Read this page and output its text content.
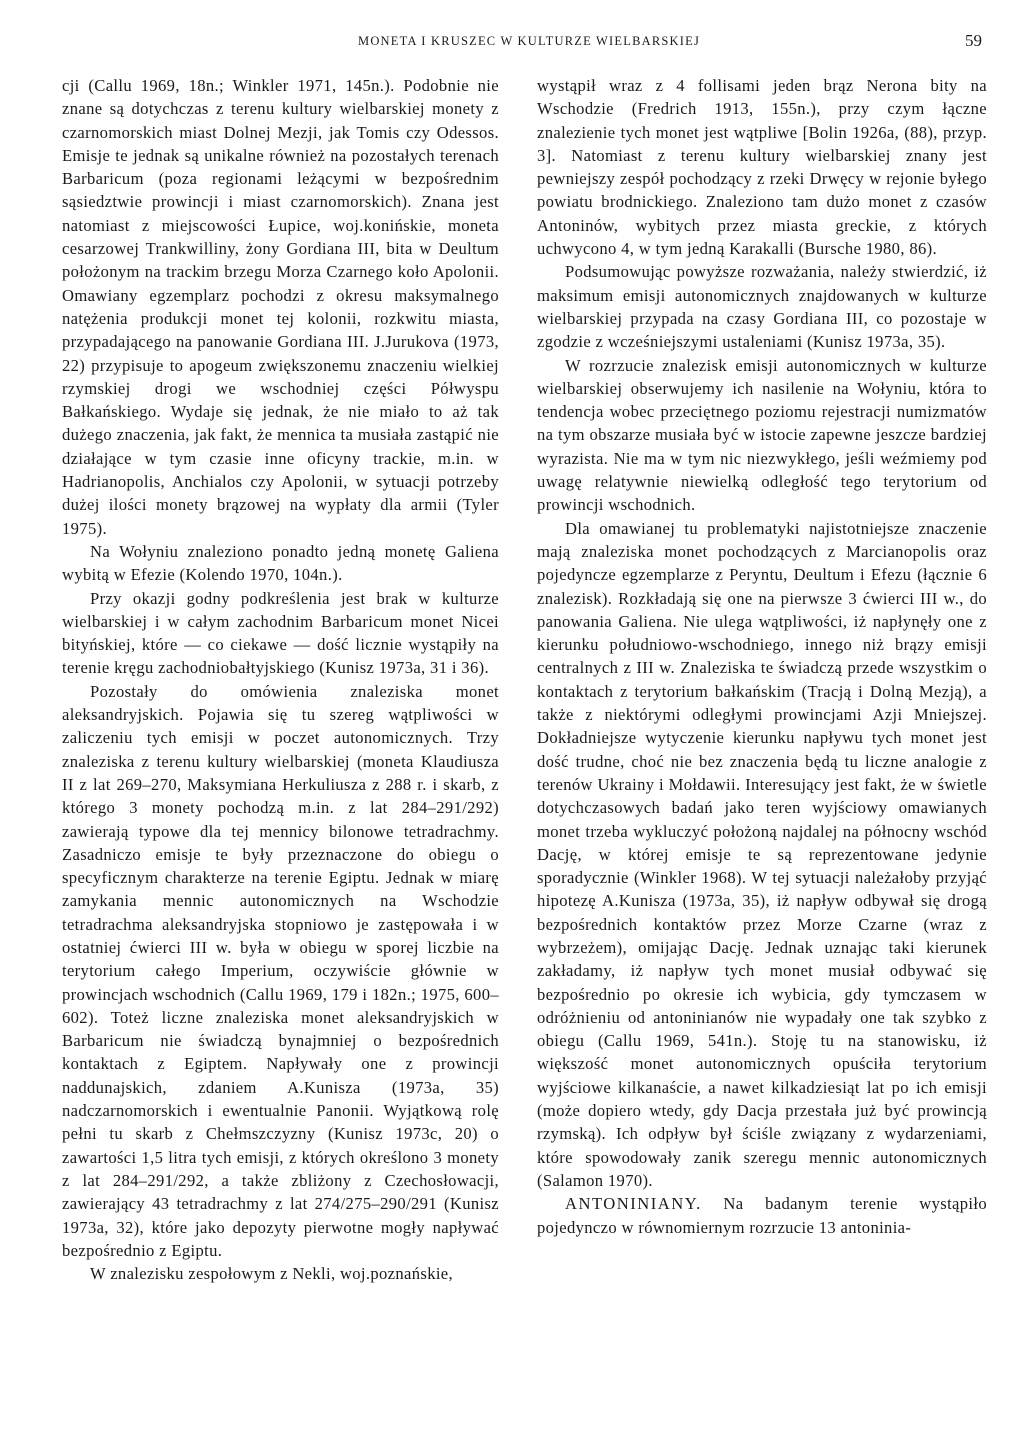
MONETA I KRUSZEC W KULTURZE WIELBARSKIEJ	59

cji (Callu 1969, 18n.; Winkler 1971, 145n.). Podobnie nie znane są dotychczas z terenu kultury wielbarskiej monety z czarnomorskich miast Dolnej Mezji, jak Tomis czy Odessos. Emisje te jednak są unikalne również na pozostałych terenach Barbaricum (poza regionami leżącymi w bezpośrednim sąsiedztwie prowincji i miast czarnomorskich). Znana jest natomiast z miejscowości Łupice, woj.konińskie, moneta cesarzowej Trankwilliny, żony Gordiana III, bita w Deultum położonym na trackim brzegu Morza Czarnego koło Apolonii. Omawiany egzemplarz pochodzi z okresu maksymalnego natężenia produkcji monet tej kolonii, rozkwitu miasta, przypadającego na panowanie Gordiana III. J.Jurukova (1973, 22) przypisuje to apogeum zwiększonemu znaczeniu wielkiej rzymskiej drogi we wschodniej części Półwyspu Bałkańskiego. Wydaje się jednak, że nie miało to aż tak dużego znaczenia, jak fakt, że mennica ta musiała zastąpić nie działające w tym czasie inne oficyny trackie, m.in. w Hadrianopolis, Anchialos czy Apolonii, w sytuacji potrzeby dużej ilości monety brązowej na wypłaty dla armii (Tyler 1975).

Na Wołyniu znaleziono ponadto jedną monetę Galiena wybitą w Efezie (Kolendo 1970, 104n.).

Przy okazji godny podkreślenia jest brak w kulturze wielbarskiej i w całym zachodnim Barbaricum monet Nicei bityńskiej, które — co ciekawe — dość licznie wystąpiły na terenie kręgu zachodniobałtyjskiego (Kunisz 1973a, 31 i 36).

Pozostały do omówienia znaleziska monet aleksandryjskich. Pojawia się tu szereg wątpliwości w zaliczeniu tych emisji w poczet autonomicznych. Trzy znaleziska z terenu kultury wielbarskiej (moneta Klaudiusza II z lat 269–270, Maksymiana Herkuliusza z 288 r. i skarb, z którego 3 monety pochodzą m.in. z lat 284–291/292) zawierają typowe dla tej mennicy bilonowe tetradrachmy. Zasadniczo emisje te były przeznaczone do obiegu o specyficznym charakterze na terenie Egiptu. Jednak w miarę zamykania mennic autonomicznych na Wschodzie tetradrachma aleksandryjska stopniowo je zastępowała i w ostatniej ćwierci III w. była w obiegu w sporej liczbie na terytorium całego Imperium, oczywiście głównie w prowincjach wschodnich (Callu 1969, 179 i 182n.; 1975, 600–602). Toteż liczne znaleziska monet aleksandryjskich w Barbaricum nie świadczą bynajmniej o bezpośrednich kontaktach z Egiptem. Napływały one z prowincji naddunajskich, zdaniem A.Kunisza (1973a, 35) nadczarnomorskich i ewentualnie Panonii. Wyjątkową rolę pełni tu skarb z Chełmszczyzny (Kunisz 1973c, 20) o zawartości 1,5 litra tych emisji, z których określono 3 monety z lat 284–291/292, a także zbliżony z Czechosłowacji, zawierający 43 tetradrachmy z lat 274/275–290/291 (Kunisz 1973a, 32), które jako depozyty pierwotne mogły napływać bezpośrednio z Egiptu.

W znalezisku zespołowym z Nekli, woj.poznańskie,

wystąpił wraz z 4 follisami jeden brąz Nerona bity na Wschodzie (Fredrich 1913, 155n.), przy czym łączne znalezienie tych monet jest wątpliwe [Bolin 1926a, (88), przyp. 3]. Natomiast z terenu kultury wielbarskiej znany jest pewniejszy zespół pochodzący z rzeki Drwęcy w rejonie byłego powiatu brodnickiego. Znaleziono tam dużo monet z czasów Antoninów, wybitych przez miasta greckie, z których uchwycono 4, w tym jedną Karakalli (Bursche 1980, 86).

Podsumowując powyższe rozważania, należy stwierdzić, iż maksimum emisji autonomicznych znajdowanych w kulturze wielbarskiej przypada na czasy Gordiana III, co pozostaje w zgodzie z wcześniejszymi ustaleniami (Kunisz 1973a, 35).

W rozrzucie znalezisk emisji autonomicznych w kulturze wielbarskiej obserwujemy ich nasilenie na Wołyniu, która to tendencja wobec przeciętnego poziomu rejestracji numizmatów na tym obszarze musiała być w istocie zapewne jeszcze bardziej wyrazista. Nie ma w tym nic niezwykłego, jeśli weźmiemy pod uwagę relatywnie niewielką odległość tego terytorium od prowincji wschodnich.

Dla omawianej tu problematyki najistotniejsze znaczenie mają znaleziska monet pochodzących z Marcianopolis oraz pojedyncze egzemplarze z Peryntu, Deultum i Efezu (łącznie 6 znalezisk). Rozkładają się one na pierwsze 3 ćwierci III w., do panowania Galiena. Nie ulega wątpliwości, iż napłynęły one z kierunku południowo-wschodniego, innego niż brązy emisji centralnych z III w. Znaleziska te świadczą przede wszystkim o kontaktach z terytorium bałkańskim (Tracją i Dolną Mezją), a także z niektórymi odległymi prowincjami Azji Mniejszej. Dokładniejsze wytyczenie kierunku napływu tych monet jest dość trudne, choć nie bez znaczenia będą tu liczne analogie z terenów Ukrainy i Mołdawii. Interesujący jest fakt, że w świetle dotychczasowych badań jako teren wyjściowy omawianych monet trzeba wykluczyć położoną najdalej na północny wschód Dację, w której emisje te są reprezentowane jedynie sporadycznie (Winkler 1968). W tej sytuacji należałoby przyjąć hipotezę A.Kunisza (1973a, 35), iż napływ odbywał się drogą bezpośrednich kontaktów przez Morze Czarne (wraz z wybrzeżem), omijając Dację. Jednak uznając taki kierunek zakładamy, iż napływ tych monet musiał odbywać się bezpośrednio po okresie ich wybicia, gdy tymczasem w odróżnieniu od antoninianów nie wypadały one tak szybko z obiegu (Callu 1969, 541n.). Stoję tu na stanowisku, iż większość monet autonomicznych opuściła terytorium wyjściowe kilkanaście, a nawet kilkadziesiąt lat po ich emisji (może dopiero wtedy, gdy Dacja przestała już być prowincją rzymską). Ich odpływ był ściśle związany z wydarzeniami, które spowodowały zanik szeregu mennic autonomicznych (Salamon 1970).

ANTONINIANY. Na badanym terenie wystąpiło pojedynczo w równomiernym rozrzucie 13 antoninia-
